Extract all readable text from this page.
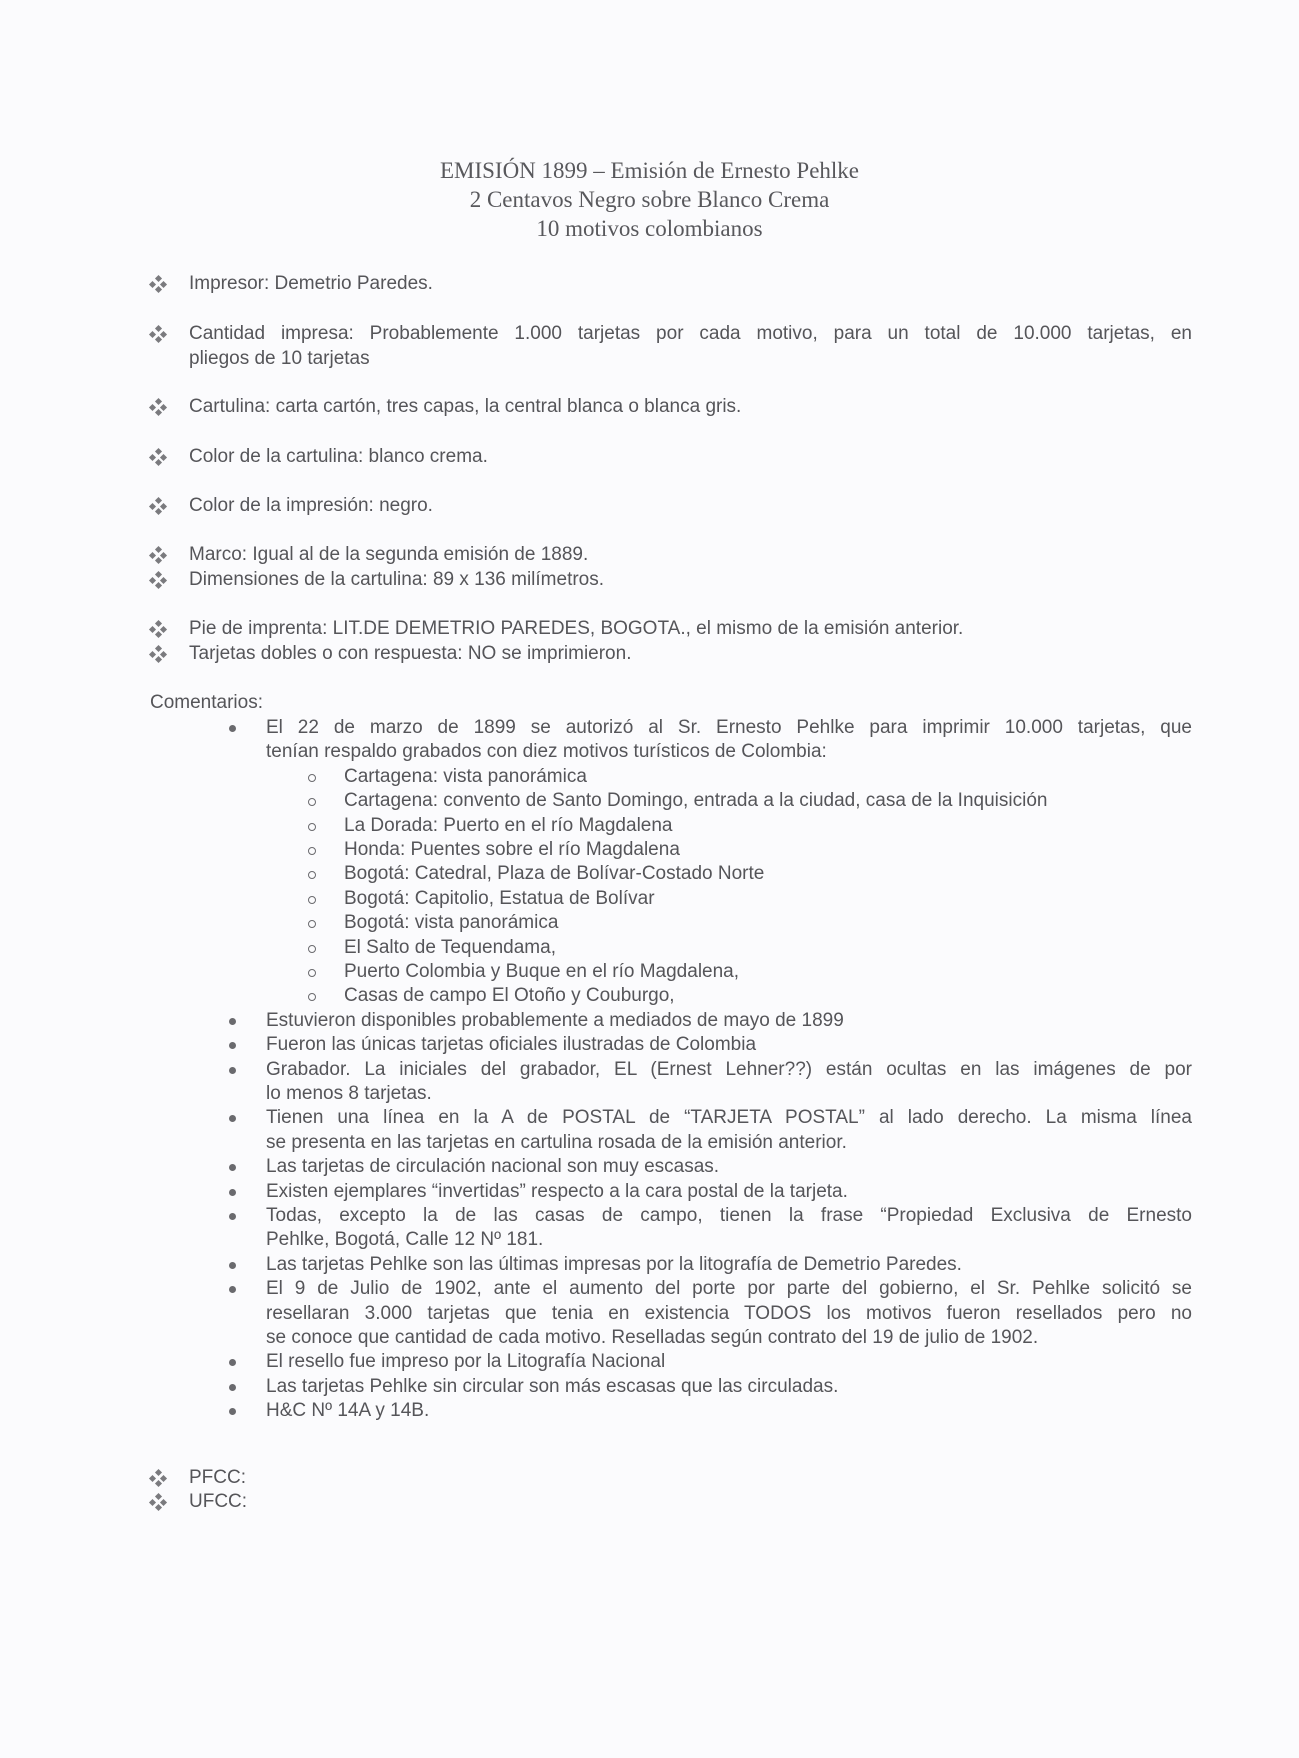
EMISIÓN 1899 – Emisión de Ernesto Pehlke
2 Centavos Negro sobre Blanco Crema
10 motivos colombianos
Impresor: Demetrio Paredes.
Cantidad impresa: Probablemente 1.000 tarjetas por cada motivo, para un total de 10.000 tarjetas, en
pliegos de 10 tarjetas
Cartulina: carta cartón, tres capas, la central blanca o blanca gris.
Color de la cartulina: blanco crema.
Color de la impresión: negro.
Marco: Igual al de la segunda emisión de 1889.
Dimensiones de la cartulina: 89 x 136 milímetros.
Pie de imprenta: LIT.DE DEMETRIO PAREDES, BOGOTA., el mismo de la emisión anterior.
Tarjetas dobles o con respuesta: NO se imprimieron.
Comentarios:
El 22 de marzo de 1899 se autorizó al Sr. Ernesto Pehlke para imprimir 10.000 tarjetas, que
tenían respaldo grabados con diez motivos turísticos de Colombia:
Cartagena: vista panorámica
Cartagena: convento de Santo Domingo, entrada a la ciudad, casa de la Inquisición
La Dorada: Puerto en el río Magdalena
Honda: Puentes sobre el río Magdalena
Bogotá: Catedral, Plaza de Bolívar-Costado Norte
Bogotá: Capitolio, Estatua de Bolívar
Bogotá: vista panorámica
El Salto de Tequendama,
Puerto Colombia y Buque en el río Magdalena,
Casas de campo El Otoño y Couburgo,
Estuvieron disponibles probablemente a mediados de mayo de 1899
Fueron las únicas tarjetas oficiales ilustradas de Colombia
Grabador. La iniciales del grabador, EL (Ernest Lehner??) están ocultas en las imágenes de por
lo menos 8 tarjetas.
Tienen una línea en la A de POSTAL de “TARJETA POSTAL” al lado derecho. La misma línea
se presenta en las tarjetas en cartulina rosada de la emisión anterior.
Las tarjetas de circulación nacional son muy escasas.
Existen ejemplares “invertidas” respecto a la cara postal de la tarjeta.
Todas, excepto la de las casas de campo, tienen la frase “Propiedad Exclusiva de Ernesto
Pehlke, Bogotá, Calle 12 Nº 181.
Las tarjetas Pehlke son las últimas impresas por la litografía de Demetrio Paredes.
El 9 de Julio de 1902, ante el aumento del porte por parte del gobierno, el Sr. Pehlke solicitó se
resellaran 3.000 tarjetas que tenia en existencia TODOS los motivos fueron resellados pero no
se conoce que cantidad de cada motivo. Reselladas según contrato del 19 de julio de 1902.
El resello fue impreso por la Litografía Nacional
Las tarjetas Pehlke sin circular son más escasas que las circuladas.
H&C Nº 14A y 14B.
PFCC:
UFCC:
